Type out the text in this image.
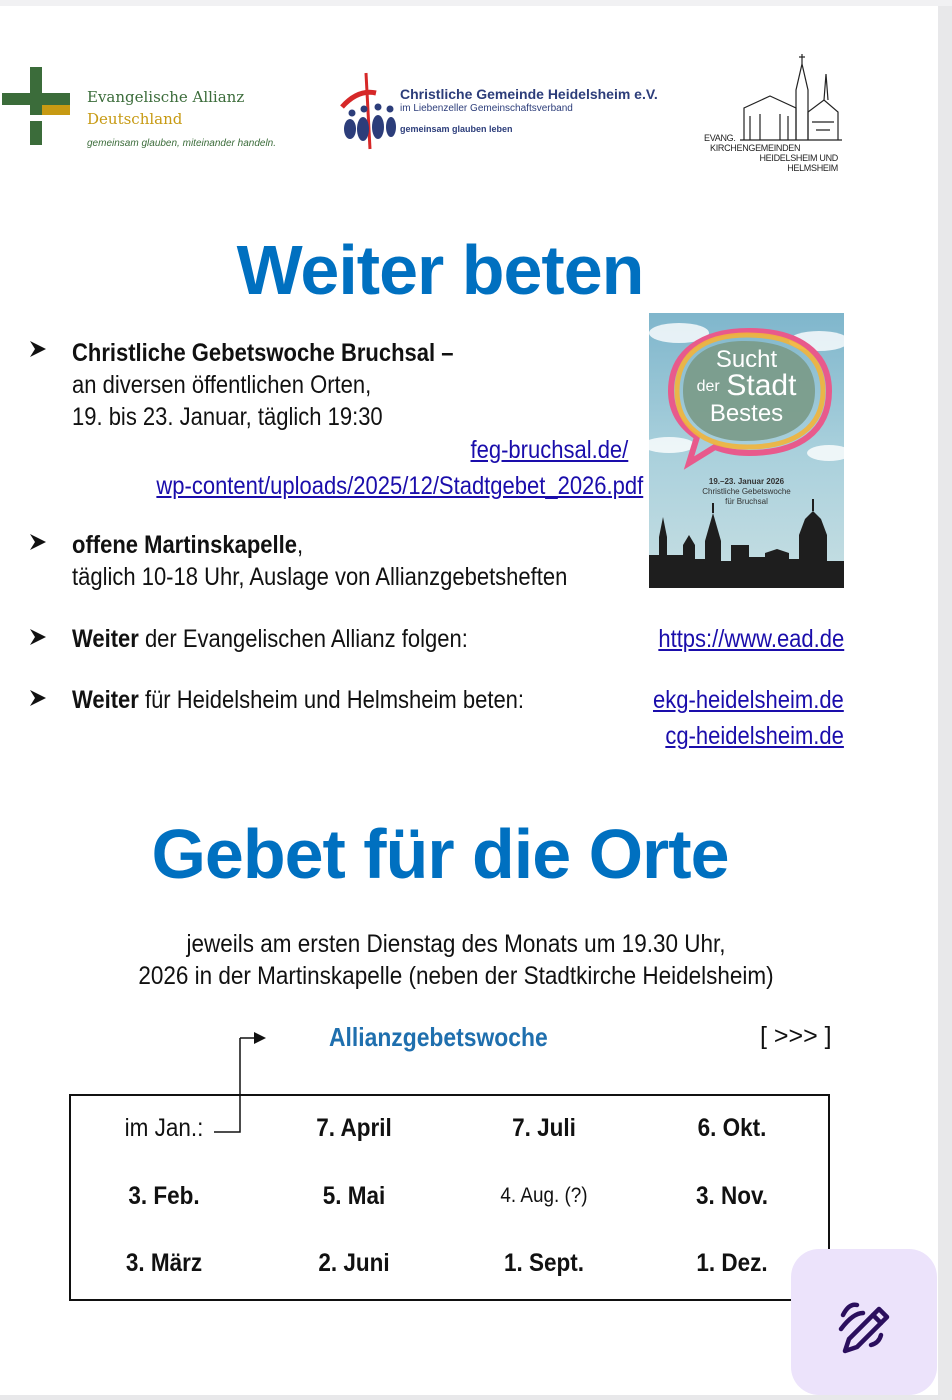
Evangelische Allianz
Deutschland
gemeinsam glauben, miteinander handeln.
Christliche Gemeinde Heidelsheim e.V.
im Liebenzeller Gemeinschaftsverband
gemeinsam glauben leben
EVANG.
KIRCHENGEMEINDEN
HEIDELSHEIM UND
HELMSHEIM
Weiter beten
Christliche Gebetswoche Bruchsal –
an diversen öffentlichen Orten,
19. bis 23. Januar, täglich 19:30
feg-bruchsal.de/
wp-content/uploads/2025/12/Stadtgebet_2026.pdf
offene Martinskapelle,
täglich 10-18 Uhr, Auslage von Allianzgebetsheften
Weiter der Evangelischen Allianz folgen:	https://www.ead.de
Weiter für Heidelsheim und Helmsheim beten:	ekg-heidelsheim.de
cg-heidelsheim.de
Sucht
der Stadt
Bestes
19.–23. Januar 2026
Christliche Gebetswoche
für Bruchsal
Gebet für die Orte
jeweils am ersten Dienstag des Monats um 19.30 Uhr,
2026 in der Martinskapelle (neben der Stadtkirche Heidelsheim)
Allianzgebetswoche	[ >>> ]
im Jan.:	7. April	7. Juli	6. Okt.
3. Feb.	5. Mai	4. Aug. (?)	3. Nov.
3. März	2. Juni	1. Sept.	1. Dez.
